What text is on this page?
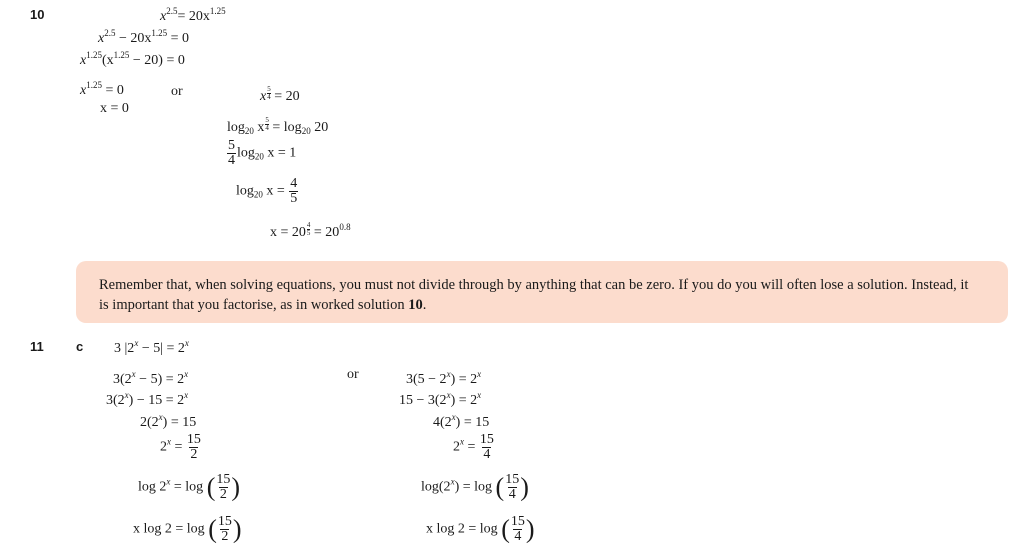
10	$x^{2.5}= 20x^{1.25}$
$x^{2.5} - 20x^{1.25} = 0$
$x^{1.25}(x^{1.25} - 20) = 0$
$x^{1.25} = 0$
x = 0
or	x $\frac{5}{4} = 20$
$\log_{20} x \frac{5}{4} = \log_{20} 20$
$\frac{5}{4} \log_{20} x = 1$
$\log_{20} x = \frac{4}{5}$
$x = 20 \frac{4}{5} = 20^{0.8}$

Remember that, when solving equations, you must not divide through by anything that can be zero. If you do you will often lose a solution. Instead, it is important that you factorise, as in worked solution 10.

11 c 3 $|2^x - 5| = 2^x$
or
$3(2^x - 5) = 2^x$
$3(2^x) - 15 = 2^x$
$2(2^x) = 15$
$2^x = \frac{15}{2}$
$\log 2^x = \log$ ( $\frac{15}{2}$ )
x log 2 = log ( $\frac{15}{2}$ )
$3(5 - 2^x) = 2^x$
$15 - 3(2^x) = 2^x$
$4(2^x) = 15$
$2^x = \frac{15}{4}$
$\log(2^x) = \log$ ( $\frac{15}{4}$ )
x log 2 = log ( $\frac{15}{4}$ )
